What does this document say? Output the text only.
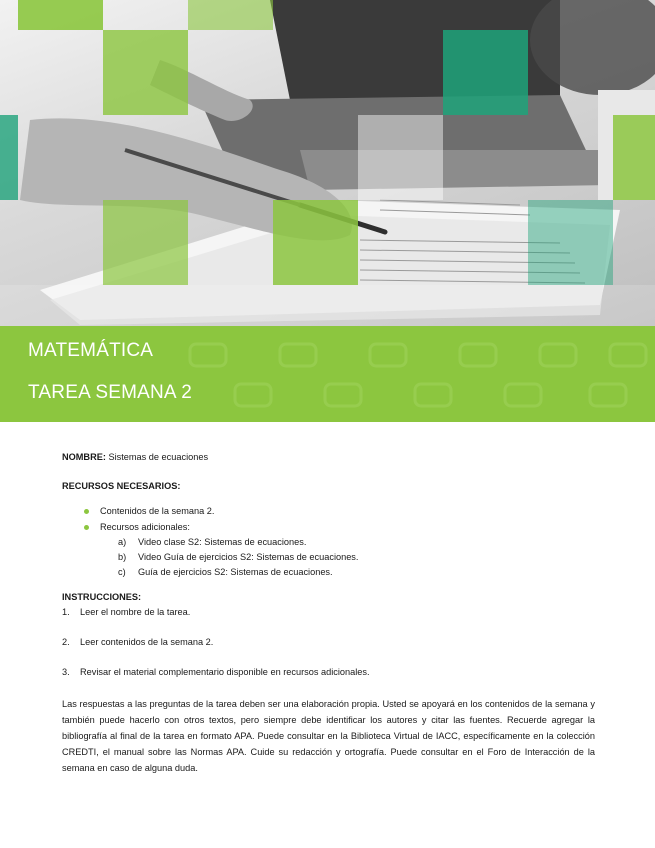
MATEMÁTICA
TAREA SEMANA 2
NOMBRE: Sistemas de ecuaciones
RECURSOS NECESARIOS:
Contenidos de la semana 2.
Recursos adicionales:
a) Video clase S2: Sistemas de ecuaciones.
b) Video Guía de ejercicios S2: Sistemas de ecuaciones.
c) Guía de ejercicios S2: Sistemas de ecuaciones.
INSTRUCCIONES:
1. Leer el nombre de la tarea.
2. Leer contenidos de la semana 2.
3. Revisar el material complementario disponible en recursos adicionales.
Las respuestas a las preguntas de la tarea deben ser una elaboración propia. Usted se apoyará en los contenidos de la semana y también puede hacerlo con otros textos, pero siempre debe identificar los autores y citar las fuentes. Recuerde agregar la bibliografía al final de la tarea en formato APA. Puede consultar en la Biblioteca Virtual de IACC, específicamente en la colección CREDTI, el manual sobre las Normas APA. Cuide su redacción y ortografía. Puede consultar en el Foro de Interacción de la semana en caso de alguna duda.
